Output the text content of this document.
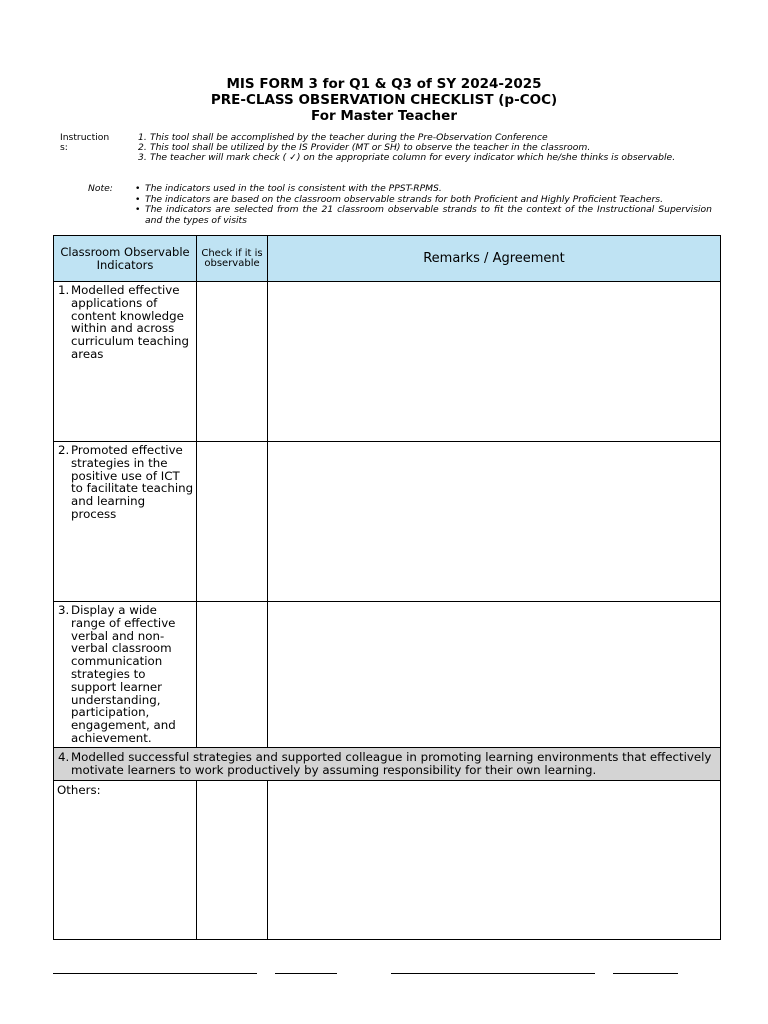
MIS FORM 3 for Q1 & Q3 of SY 2024-2025
PRE-CLASS OBSERVATION CHECKLIST (p-COC)
For Master Teacher
Instruction s:
1. This tool shall be accomplished by the teacher during the Pre-Observation Conference
2. This tool shall be utilized by the IS Provider (MT or SH) to observe the teacher in the classroom.
3. The teacher will mark check ( ✓) on the appropriate column for every indicator which he/she thinks is observable.
Note: • The indicators used in the tool is consistent with the PPST-RPMS.
• The indicators are based on the classroom observable strands for both Proficient and Highly Proficient Teachers.
• The indicators are selected from the 21 classroom observable strands to fit the context of the Instructional Supervision and the types of visits
Classroom Observable Indicators	Check if it is observable	Remarks / Agreement

1. Modelled effective applications of content knowledge within and across curriculum teaching areas		

2. Promoted effective strategies in the positive use of ICT to facilitate teaching and learning process		

3. Display a wide range of effective verbal and non-verbal classroom communication strategies to support learner understanding, participation, engagement, and achievement.		

4. Modelled successful strategies and supported colleague in promoting learning environments that effectively motivate learners to work productively by assuming responsibility for their own learning.		

Others:		
